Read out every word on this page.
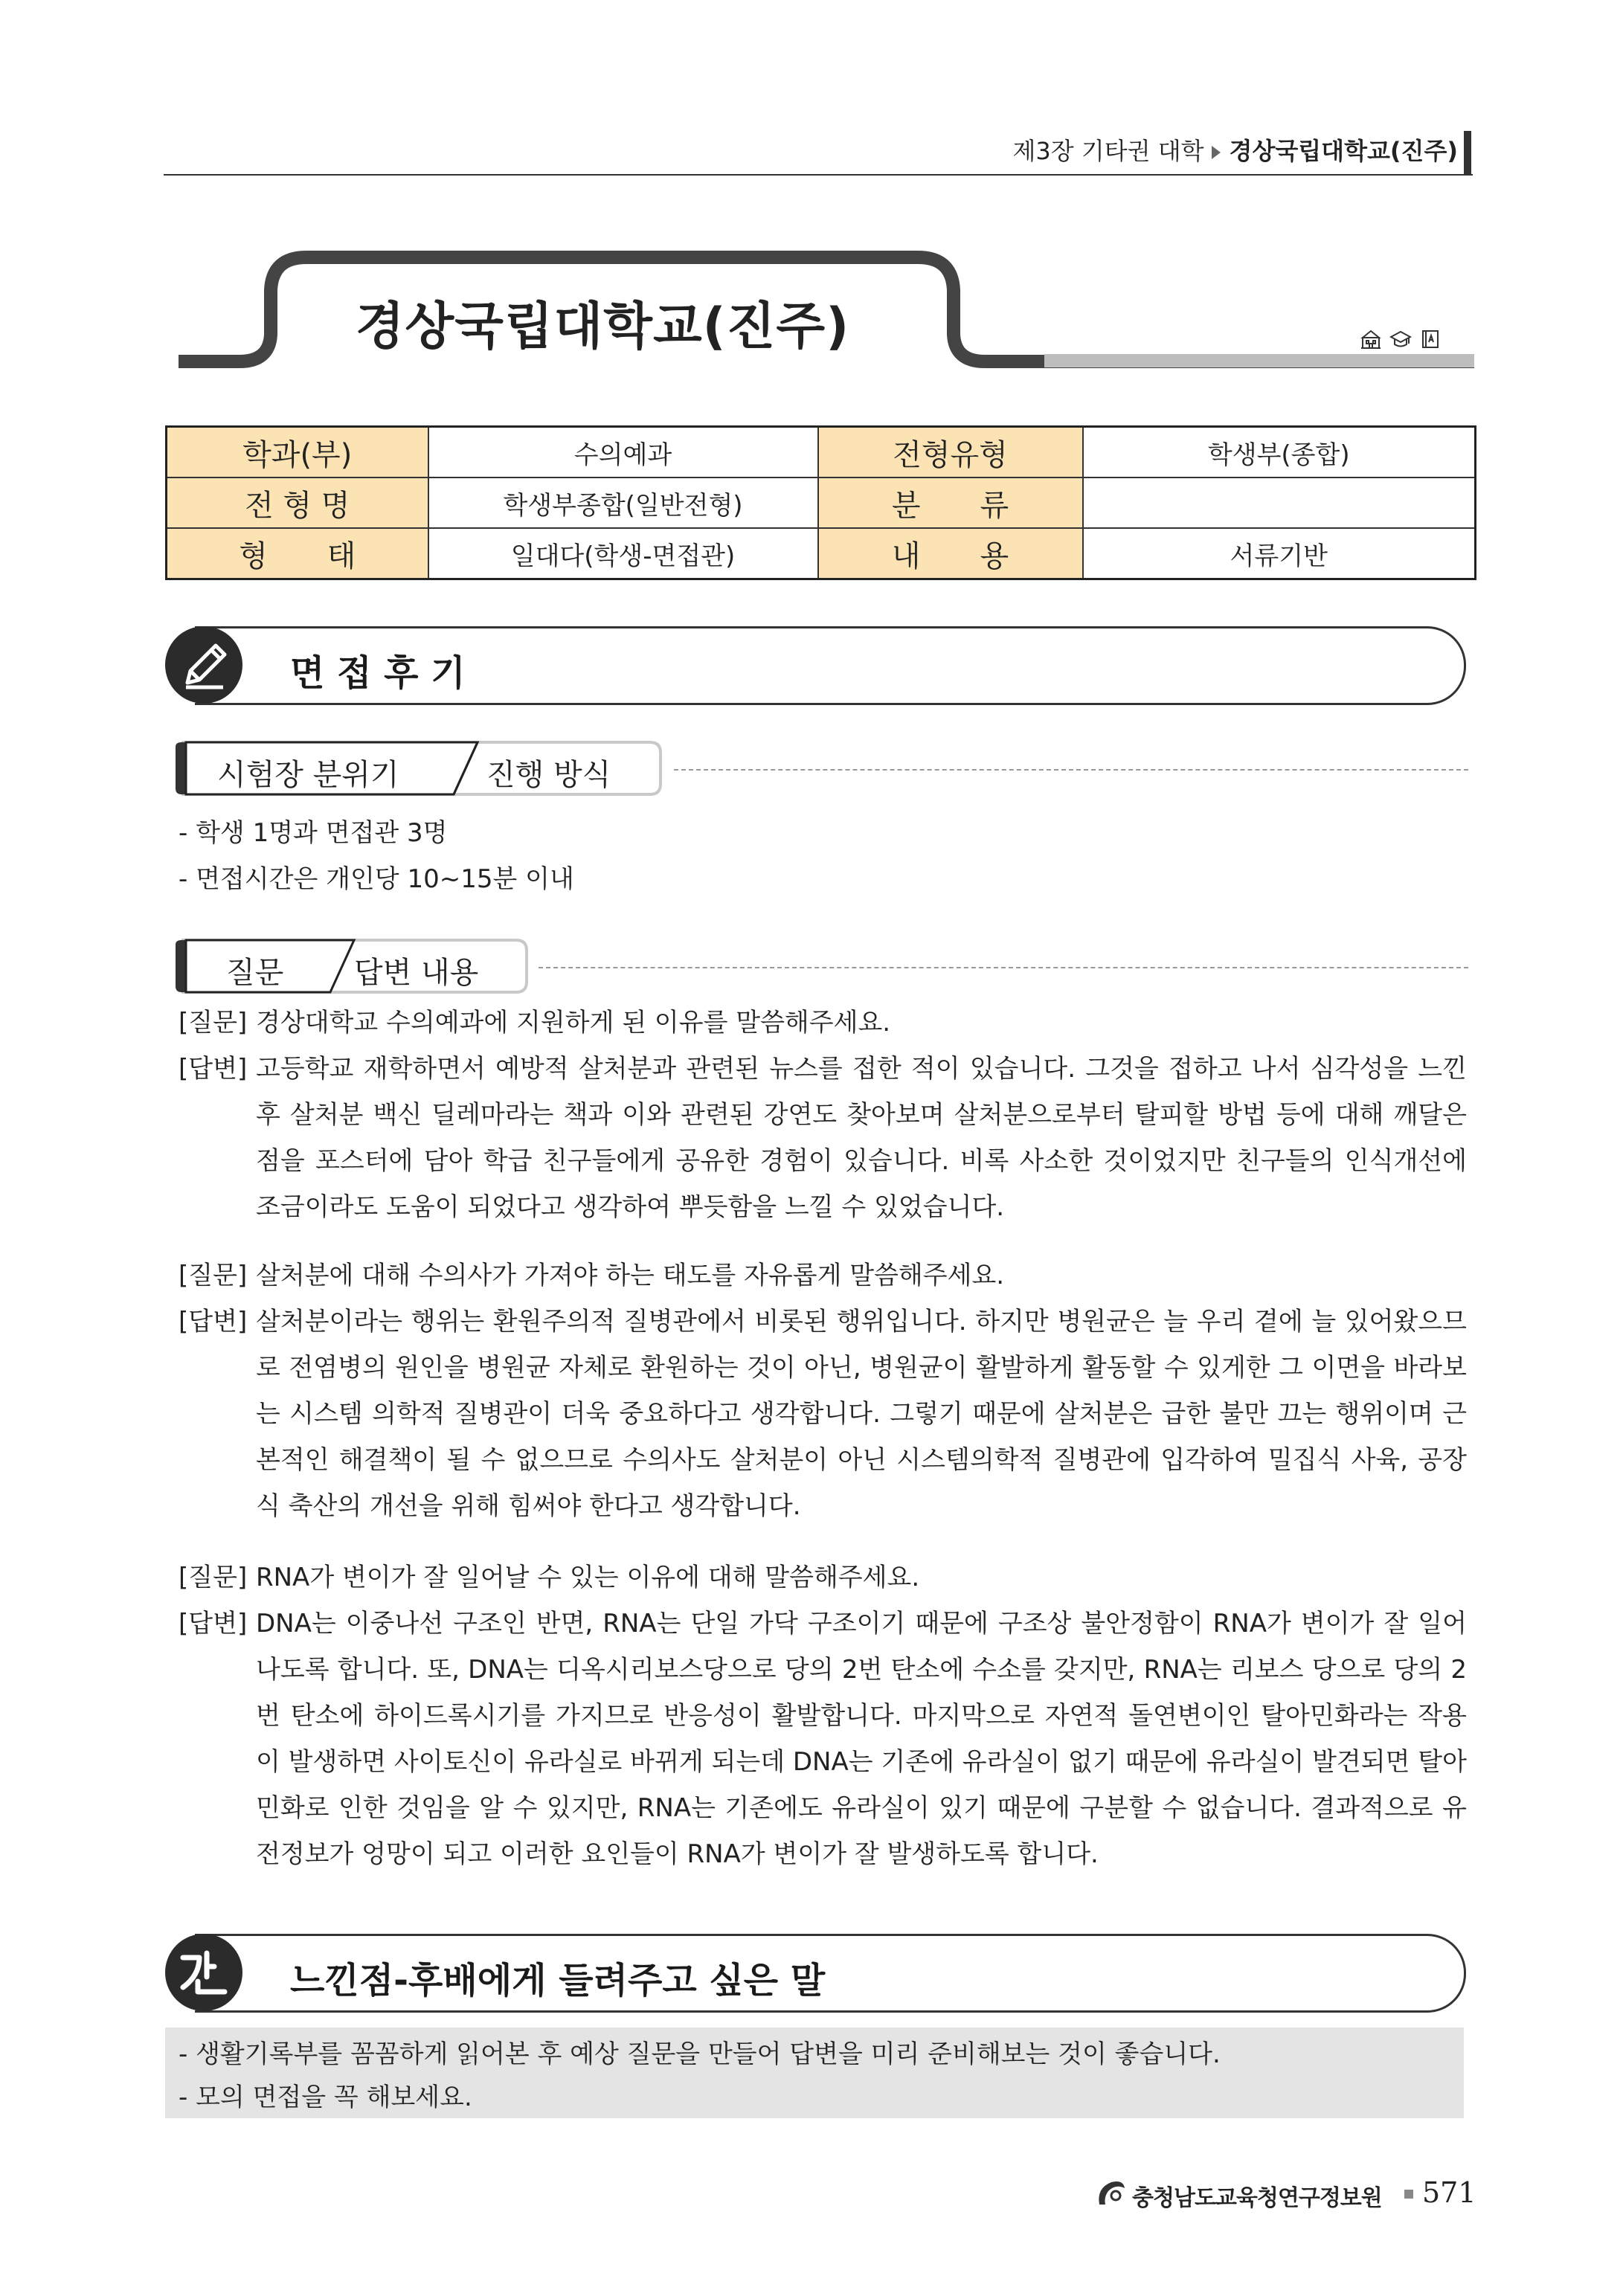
제3장 기타권 대학 경상국립대학교(진주)
경상국립대학교(진주)
학과(부)	수의예과	전형유형	학생부(종합)
전 형 명	학생부종합(일반전형)	분　　류	
형　　태	일대다(학생-면접관)	내　　용	서류기반
면 접 후 기
시험장 분위기	진행 방식
- 학생 1명과 면접관 3명
- 면접시간은 개인당 10~15분 이내
질문 답변 내용
[질문] 경상대학교 수의예과에 지원하게 된 이유를 말씀해주세요.
[답변] 고등학교 재학하면서 예방적 살처분과 관련된 뉴스를 접한 적이 있습니다. 그것을 접하고 나서 심각성을 느낀 후 살처분 백신 딜레마라는 책과 이와 관련된 강연도 찾아보며 살처분으로부터 탈피할 방법 등에 대해 깨달은 점을 포스터에 담아 학급 친구들에게 공유한 경험이 있습니다. 비록 사소한 것이었지만 친구들의 인식개선에 조금이라도 도움이 되었다고 생각하여 뿌듯함을 느낄 수 있었습니다.
[질문] 살처분에 대해 수의사가 가져야 하는 태도를 자유롭게 말씀해주세요.
[답변] 살처분이라는 행위는 환원주의적 질병관에서 비롯된 행위입니다. 하지만 병원균은 늘 우리 곁에 늘 있어왔으므로 전염병의 원인을 병원균 자체로 환원하는 것이 아닌, 병원균이 활발하게 활동할 수 있게한 그 이면을 바라보는 시스템 의학적 질병관이 더욱 중요하다고 생각합니다. 그렇기 때문에 살처분은 급한 불만 끄는 행위이며 근본적인 해결책이 될 수 없으므로 수의사도 살처분이 아닌 시스템의학적 질병관에 입각하여 밀집식 사육, 공장식 축산의 개선을 위해 힘써야 한다고 생각합니다.
[질문] RNA가 변이가 잘 일어날 수 있는 이유에 대해 말씀해주세요.
[답변] DNA는 이중나선 구조인 반면, RNA는 단일 가닥 구조이기 때문에 구조상 불안정함이 RNA가 변이가 잘 일어나도록 합니다. 또, DNA는 디옥시리보스당으로 당의 2번 탄소에 수소를 갖지만, RNA는 리보스 당으로 당의 2번 탄소에 하이드록시기를 가지므로 반응성이 활발합니다. 마지막으로 자연적 돌연변이인 탈아민화라는 작용이 발생하면 사이토신이 유라실로 바뀌게 되는데 DNA는 기존에 유라실이 없기 때문에 유라실이 발견되면 탈아민화로 인한 것임을 알 수 있지만, RNA는 기존에도 유라실이 있기 때문에 구분할 수 없습니다. 결과적으로 유전정보가 엉망이 되고 이러한 요인들이 RNA가 변이가 잘 발생하도록 합니다.
느낀점-후배에게 들려주고 싶은 말
- 생활기록부를 꼼꼼하게 읽어본 후 예상 질문을 만들어 답변을 미리 준비해보는 것이 좋습니다.
- 모의 면접을 꼭 해보세요.
충청남도교육청연구정보원 571
